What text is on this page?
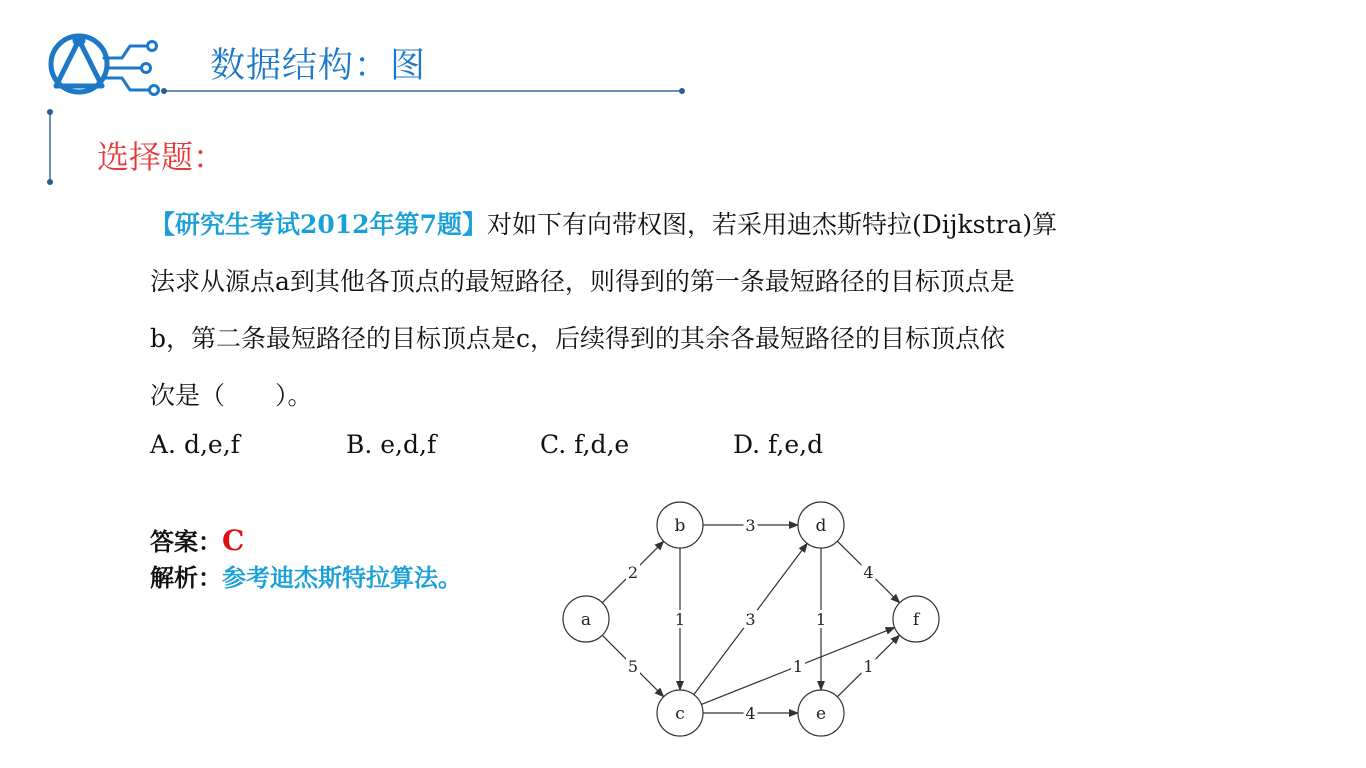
数据结构：图
选择题：
【研究生考试2012年第7题】对如下有向带权图，若采用迪杰斯特拉(Dijkstra)算
法求从源点a到其他各顶点的最短路径，则得到的第一条最短路径的目标顶点是
b，第二条最短路径的目标顶点是c，后续得到的其余各最短路径的目标顶点依
次是（　　）。
A. d,e,f	B. e,d,f	C. f,d,e	D. f,e,d
答案：C
解析：参考迪杰斯特拉算法。	2
5
1
3
3
4
1
1
4
1
a
b
c
d
e
f
